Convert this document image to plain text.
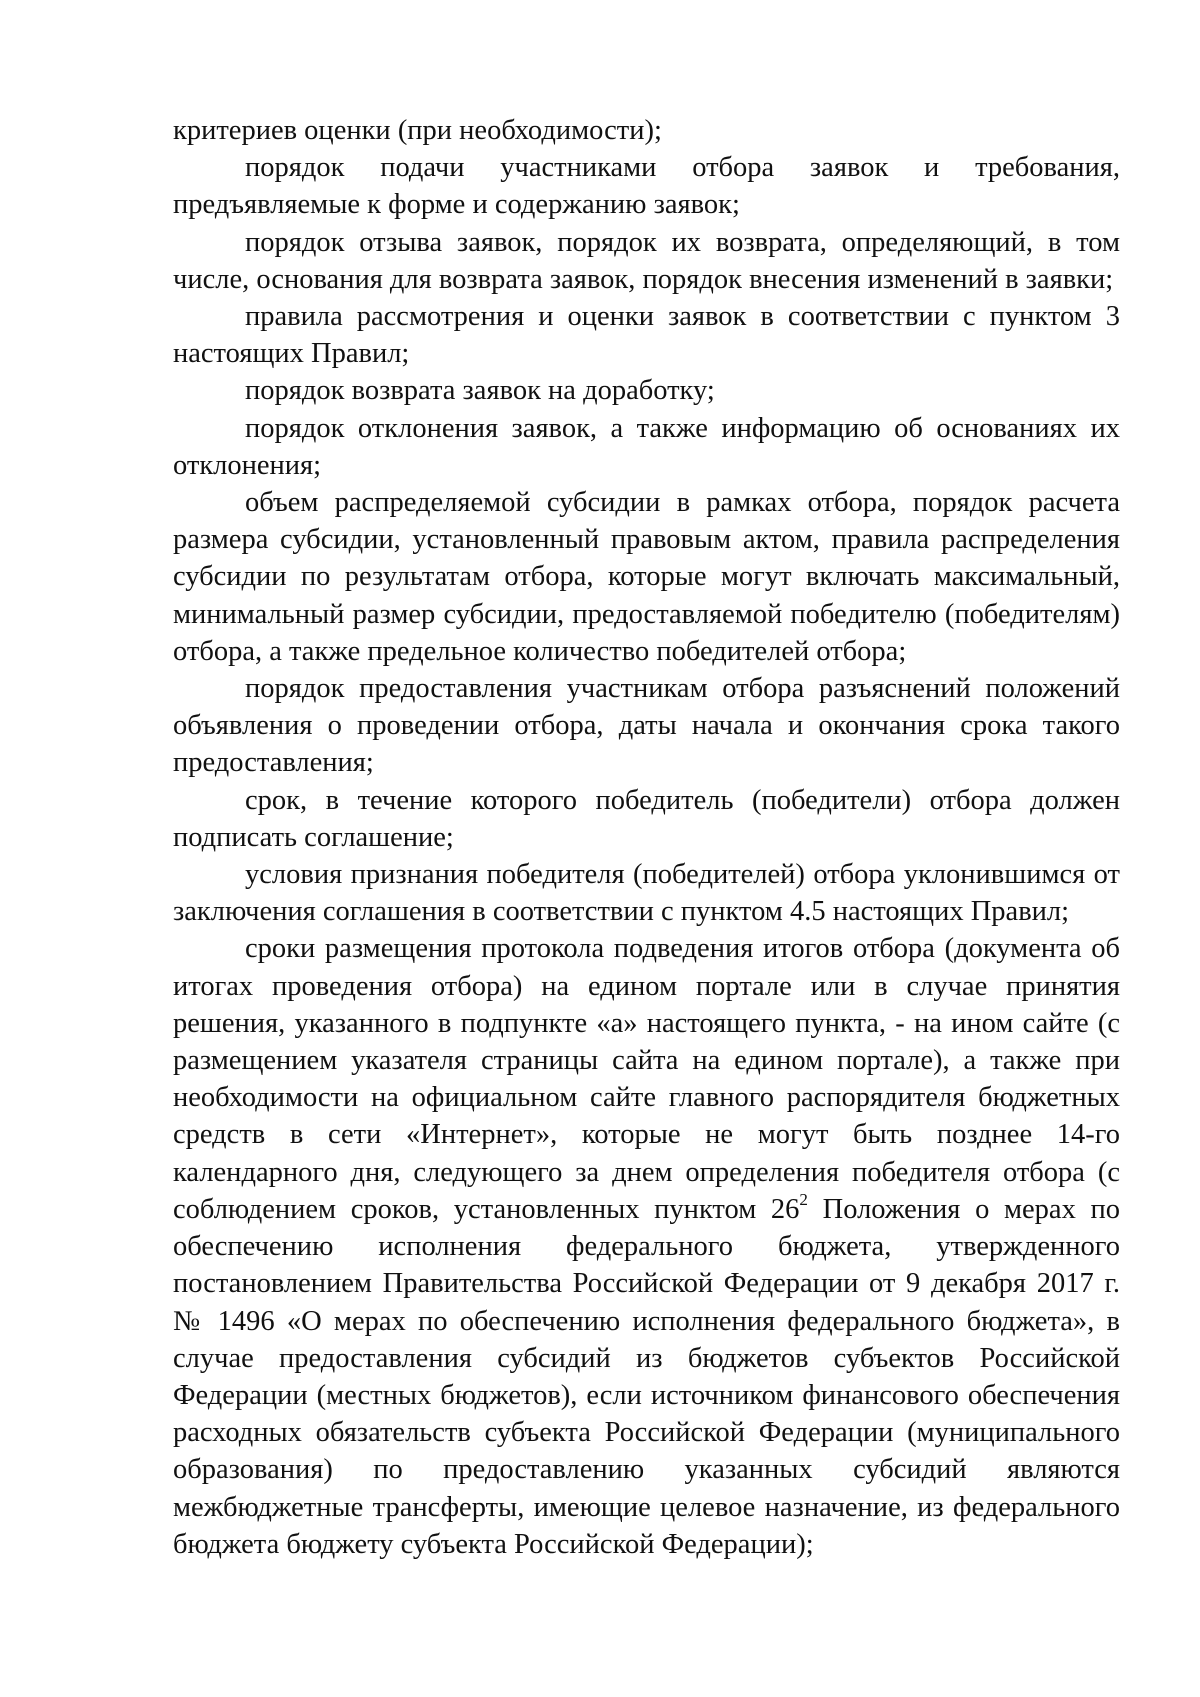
критериев оценки (при необходимости);

порядок подачи участниками отбора заявок и требования, предъявляемые к форме и содержанию заявок;

порядок отзыва заявок, порядок их возврата, определяющий, в том числе, основания для возврата заявок, порядок внесения изменений в заявки;

правила рассмотрения и оценки заявок в соответствии с пунктом 3 настоящих Правил;

порядок возврата заявок на доработку;

порядок отклонения заявок, а также информацию об основаниях их отклонения;

объем распределяемой субсидии в рамках отбора, порядок расчета размера субсидии, установленный правовым актом, правила распределения субсидии по результатам отбора, которые могут включать максимальный, минимальный размер субсидии, предоставляемой победителю (победителям) отбора, а также предельное количество победителей отбора;

порядок предоставления участникам отбора разъяснений положений объявления о проведении отбора, даты начала и окончания срока такого предоставления;

срок, в течение которого победитель (победители) отбора должен подписать соглашение;

условия признания победителя (победителей) отбора уклонившимся от заключения соглашения в соответствии с пунктом 4.5 настоящих Правил;

сроки размещения протокола подведения итогов отбора (документа об итогах проведения отбора) на едином портале или в случае принятия решения, указанного в подпункте «а» настоящего пункта, - на ином сайте (с размещением указателя страницы сайта на едином портале), а также при необходимости на официальном сайте главного распорядителя бюджетных средств в сети «Интернет», которые не могут быть позднее 14-го календарного дня, следующего за днем определения победителя отбора (с соблюдением сроков, установленных пунктом $26^2$ Положения о мерах по обеспечению исполнения федерального бюджета, утвержденного постановлением Правительства Российской Федерации от 9 декабря 2017 г. № 1496 «О мерах по обеспечению исполнения федерального бюджета», в случае предоставления субсидий из бюджетов субъектов Российской Федерации (местных бюджетов), если источником финансового обеспечения расходных обязательств субъекта Российской Федерации (муниципального образования) по предоставлению указанных субсидий являются межбюджетные трансферты, имеющие целевое назначение, из федерального бюджета бюджету субъекта Российской Федерации);
